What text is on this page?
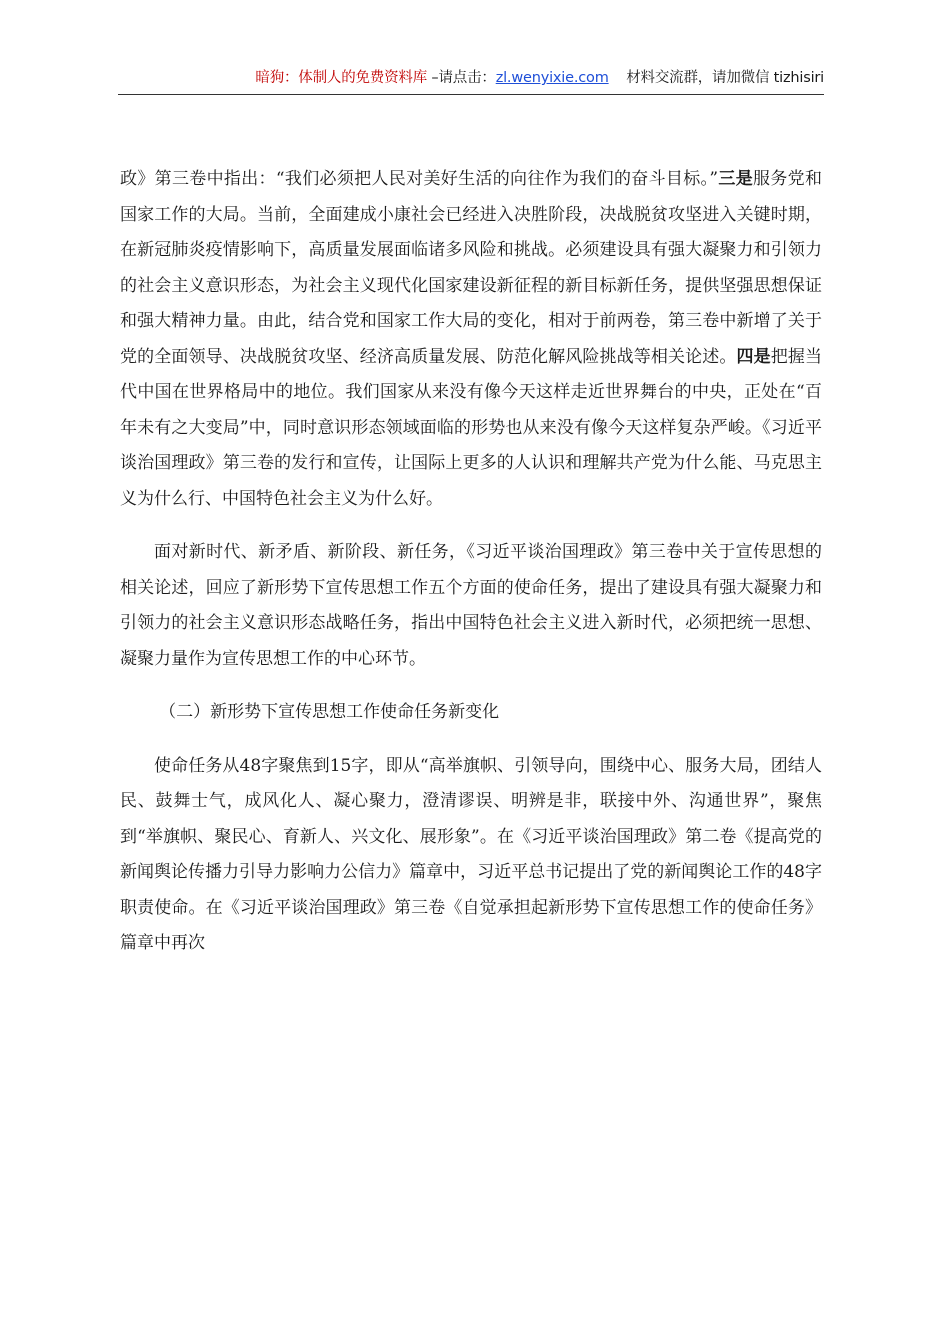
暗狗：体制人的免费资料库 –请点击：zl.wenyixie.com    材料交流群，请加微信 tizhisiri

政》第三卷中指出：“我们必须把人民对美好生活的向往作为我们的奋斗目标。”三是服务党和国家工作的大局。当前，全面建成小康社会已经进入决胜阶段，决战脱贫攻坚进入关键时期，在新冠肺炎疫情影响下，高质量发展面临诸多风险和挑战。必须建设具有强大凝聚力和引领力的社会主义意识形态，为社会主义现代化国家建设新征程的新目标新任务，提供坚强思想保证和强大精神力量。由此，结合党和国家工作大局的变化，相对于前两卷，第三卷中新增了关于党的全面领导、决战脱贫攻坚、经济高质量发展、防范化解风险挑战等相关论述。四是把握当代中国在世界格局中的地位。我们国家从来没有像今天这样走近世界舞台的中央，正处在“百年未有之大变局”中，同时意识形态领域面临的形势也从来没有像今天这样复杂严峻。《习近平谈治国理政》第三卷的发行和宣传，让国际上更多的人认识和理解共产党为什么能、马克思主义为什么行、中国特色社会主义为什么好。

面对新时代、新矛盾、新阶段、新任务，《习近平谈治国理政》第三卷中关于宣传思想的相关论述，回应了新形势下宣传思想工作五个方面的使命任务，提出了建设具有强大凝聚力和引领力的社会主义意识形态战略任务，指出中国特色社会主义进入新时代，必须把统一思想、凝聚力量作为宣传思想工作的中心环节。

（二）新形势下宣传思想工作使命任务新变化

使命任务从48字聚焦到15字，即从“高举旗帜、引领导向，围绕中心、服务大局，团结人民、鼓舞士气，成风化人、凝心聚力，澄清谬误、明辨是非，联接中外、沟通世界”，聚焦到“举旗帜、聚民心、育新人、兴文化、展形象”。在《习近平谈治国理政》第二卷《提高党的新闻舆论传播力引导力影响力公信力》篇章中，习近平总书记提出了党的新闻舆论工作的48字职责使命。在《习近平谈治国理政》第三卷《自觉承担起新形势下宣传思想工作的使命任务》篇章中再次
